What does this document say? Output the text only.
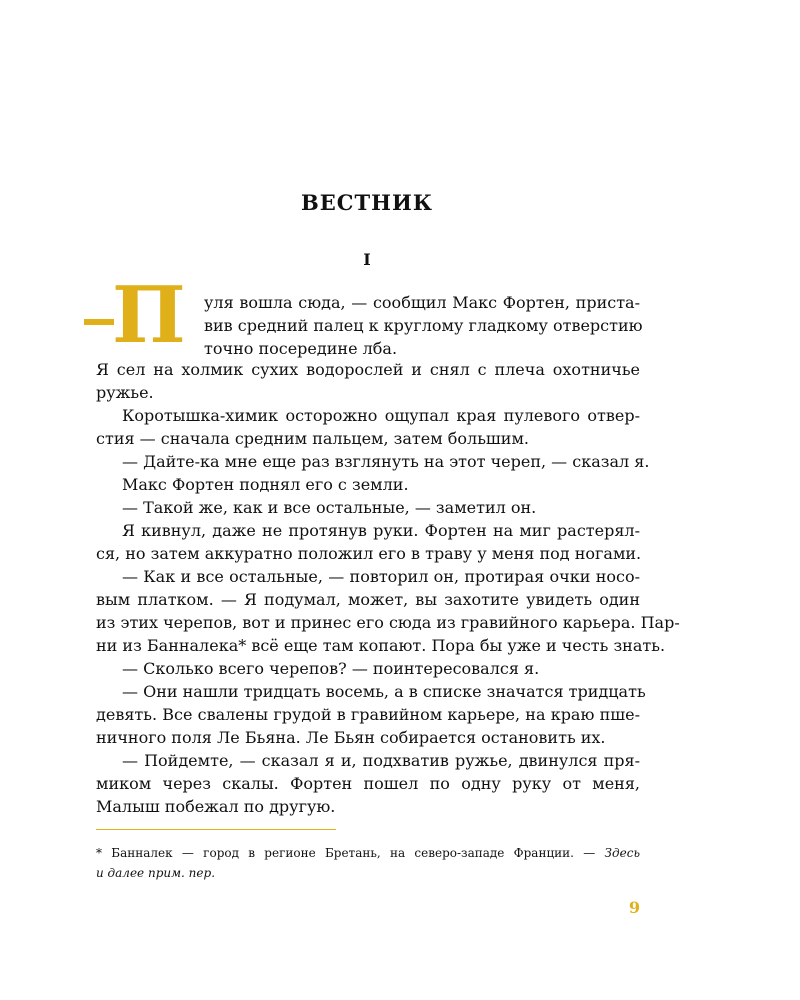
ВЕСТНИК
I
П уля вошла сюда, — сообщил Макс Фортен, приста-
вив средний палец к круглому гладкому отверстию
точно посередине лба.
Я сел на холмик сухих водорослей и снял с плеча охотничье
ружье.
Коротышка-химик осторожно ощупал края пулевого отвер-
стия — сначала средним пальцем, затем большим.
— Дайте-ка мне еще раз взглянуть на этот череп, — сказал я.
Макс Фортен поднял его с земли.
— Такой же, как и все остальные, — заметил он.
Я кивнул, даже не протянув руки. Фортен на миг растерял-
ся, но затем аккуратно положил его в траву у меня под ногами.
— Как и все остальные, — повторил он, протирая очки носо-
вым платком. — Я подумал, может, вы захотите увидеть один
из этих черепов, вот и принес его сюда из гравийного карьера. Пар-
ни из Банналека* всё еще там копают. Пора бы уже и честь знать.
— Сколько всего черепов? — поинтересовался я.
— Они нашли тридцать восемь, а в списке значатся тридцать
девять. Все свалены грудой в гравийном карьере, на краю пше-
ничного поля Ле Бьяна. Ле Бьян собирается остановить их.
— Пойдемте, — сказал я и, подхватив ружье, двинулся пря-
миком через скалы. Фортен пошел по одну руку от меня,
Малыш побежал по другую.
* Банналек — город в регионе Бретань, на северо-западе Франции. — Здесь
и далее прим. пер.
9
